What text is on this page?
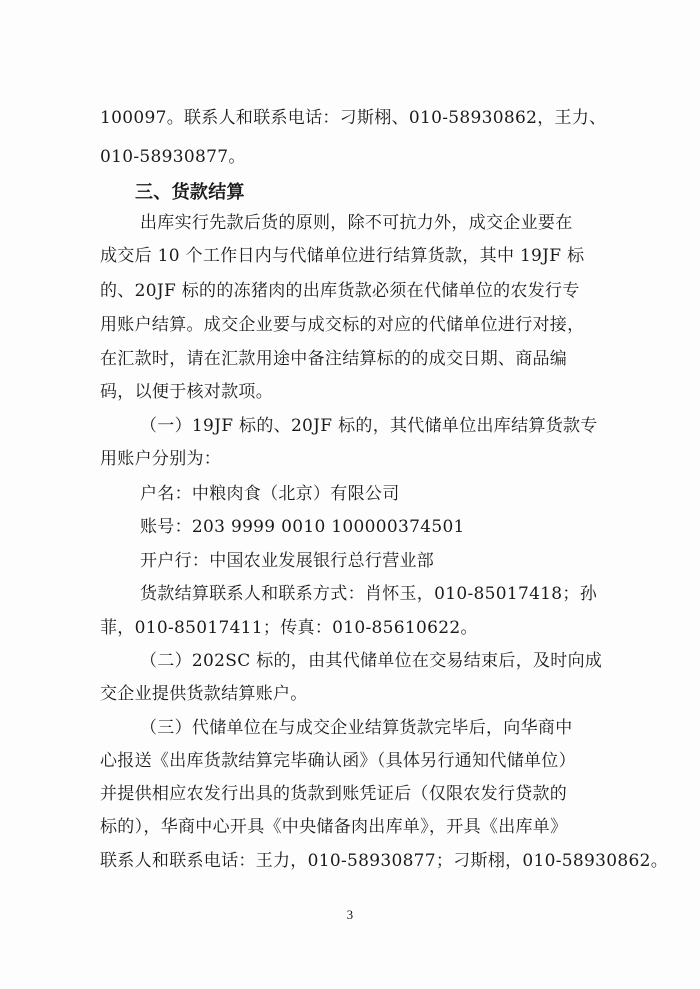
100097。联系人和联系电话：刁斯栩、010-58930862，王力、
010-58930877。
三、货款结算
出库实行先款后货的原则，除不可抗力外，成交企业要在
成交后 10 个工作日内与代储单位进行结算货款，其中 19JF 标
的、20JF 标的的冻猪肉的出库货款必须在代储单位的农发行专
用账户结算。成交企业要与成交标的对应的代储单位进行对接，
在汇款时，请在汇款用途中备注结算标的的成交日期、商品编
码，以便于核对款项。
（一）19JF 标的、20JF 标的，其代储单位出库结算货款专
用账户分别为：
户名：中粮肉食（北京）有限公司
账号：203 9999 0010 100000374501
开户行：中国农业发展银行总行营业部
货款结算联系人和联系方式：肖怀玉，010-85017418；孙
菲，010-85017411；传真：010-85610622。
（二）202SC 标的，由其代储单位在交易结束后，及时向成
交企业提供货款结算账户。
（三）代储单位在与成交企业结算货款完毕后，向华商中
心报送《出库货款结算完毕确认函》（具体另行通知代储单位）
并提供相应农发行出具的货款到账凭证后（仅限农发行贷款的
标的），华商中心开具《中央储备肉出库单》，开具《出库单》
联系人和联系电话：王力，010-58930877；刁斯栩，010-58930862。
3
